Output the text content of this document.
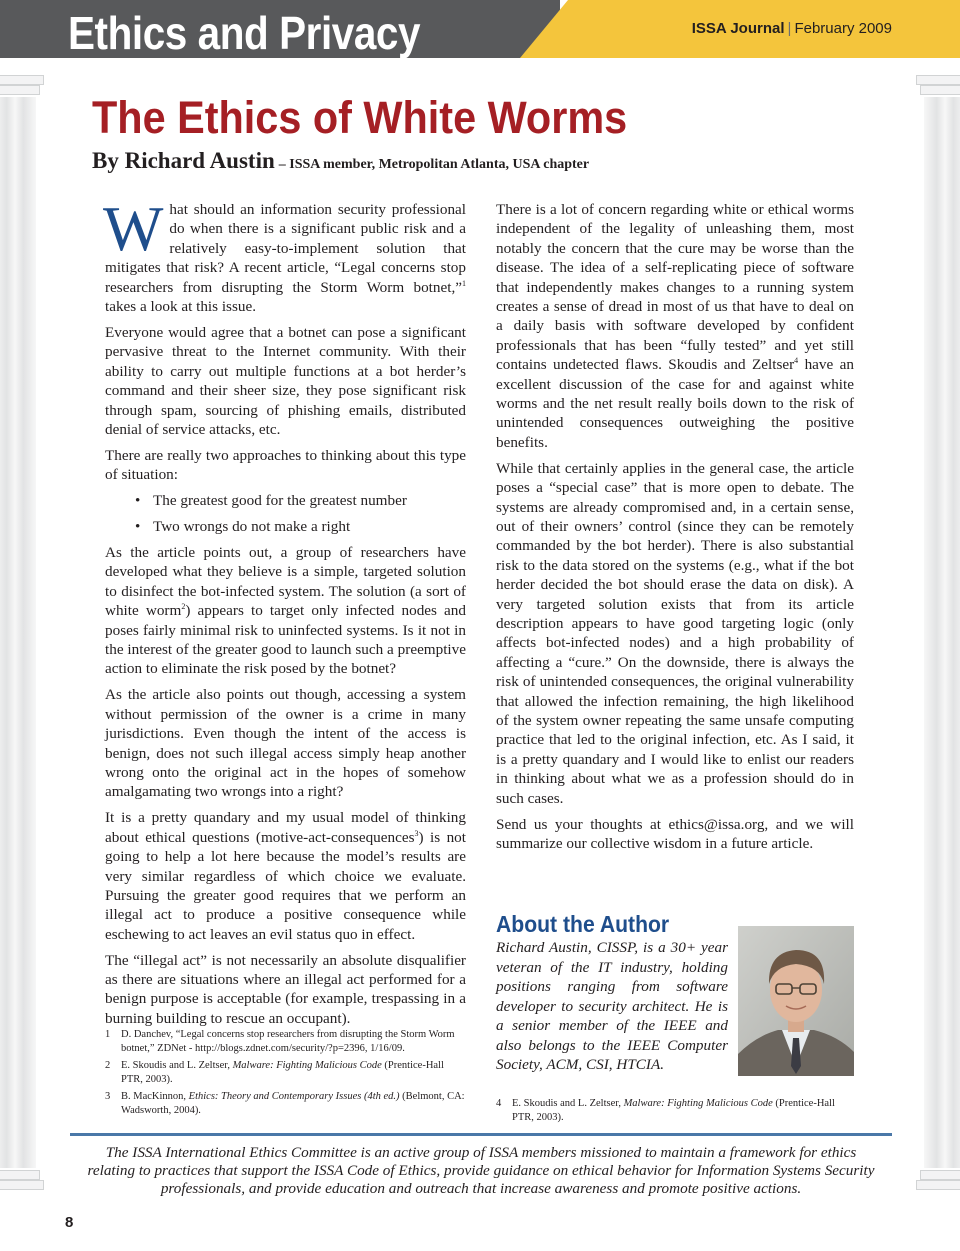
Ethics and Privacy	ISSA Journal | February 2009
The Ethics of White Worms
By Richard Austin – ISSA member, Metropolitan Atlanta, USA chapter

What should an information security professional do when there is a significant public risk and a relatively easy-to-implement solution that mitigates that risk? A recent article, “Legal concerns stop researchers from disrupting the Storm Worm botnet,”$^1$ takes a look at this issue.

Everyone would agree that a botnet can pose a significant pervasive threat to the Internet community. With their ability to carry out multiple functions at a bot herder’s command and their sheer size, they pose significant risk through spam, sourcing of phishing emails, distributed denial of service attacks, etc.

There are really two approaches to thinking about this type of situation:

• The greatest good for the greatest number
• Two wrongs do not make a right

As the article points out, a group of researchers have developed what they believe is a simple, targeted solution to disinfect the bot-infected system. The solution (a sort of white worm$^2$) appears to target only infected nodes and poses fairly minimal risk to uninfected systems. Is it not in the interest of the greater good to launch such a preemptive action to eliminate the risk posed by the botnet?

As the article also points out though, accessing a system without permission of the owner is a crime in many jurisdictions. Even though the intent of the access is benign, does not such illegal access simply heap another wrong onto the original act in the hopes of somehow amalgamating two wrongs into a right?

It is a pretty quandary and my usual model of thinking about ethical questions (motive-act-consequences$^3$) is not going to help a lot here because the model’s results are very similar regardless of which choice we evaluate. Pursuing the greater good requires that we perform an illegal act to produce a positive consequence while eschewing to act leaves an evil status quo in effect.

The “illegal act” is not necessarily an absolute disqualifier as there are situations where an illegal act performed for a benign purpose is acceptable (for example, trespassing in a burning building to rescue an occupant).

1	D. Danchev, “Legal concerns stop researchers from disrupting the Storm Worm botnet,” ZDNet - http://blogs.zdnet.com/security/?p=2396, 1/16/09.
2	E. Skoudis and L. Zeltser, Malware: Fighting Malicious Code (Prentice-Hall PTR, 2003).
3	B. MacKinnon, Ethics: Theory and Contemporary Issues (4th ed.) (Belmont, CA: Wadsworth, 2004).

There is a lot of concern regarding white or ethical worms independent of the legality of unleashing them, most notably the concern that the cure may be worse than the disease. The idea of a self-replicating piece of software that independently makes changes to a running system creates a sense of dread in most of us that have to deal on a daily basis with software developed by confident professionals that has been “fully tested” and yet still contains undetected flaws. Skoudis and Zeltser$^4$ have an excellent discussion of the case for and against white worms and the net result really boils down to the risk of unintended consequences outweighing the positive benefits.

While that certainly applies in the general case, the article poses a “special case” that is more open to debate. The systems are already compromised and, in a certain sense, out of their owners’ control (since they can be remotely commanded by the bot herder). There is also substantial risk to the data stored on the systems (e.g., what if the bot herder decided the bot should erase the data on disk). A very targeted solution exists that from its article description appears to have good targeting logic (only affects bot-infected nodes) and a high probability of affecting a “cure.” On the downside, there is always the risk of unintended consequences, the original vulnerability that allowed the infection remaining, the high likelihood of the system owner repeating the same unsafe computing practice that led to the original infection, etc. As I said, it is a pretty quandary and I would like to enlist our readers in thinking about what we as a profession should do in such cases.

Send us your thoughts at ethics@issa.org, and we will summarize our collective wisdom in a future article.

About the Author

Richard Austin, CISSP, is a 30+ year veteran of the IT industry, holding positions ranging from software developer to security architect. He is a senior member of the IEEE and also belongs to the IEEE Computer Society, ACM, CSI, HTCIA.

4	E. Skoudis and L. Zeltser, Malware: Fighting Malicious Code (Prentice-Hall PTR, 2003).

The ISSA International Ethics Committee is an active group of ISSA members missioned to maintain a framework for ethics relating to practices that support the ISSA Code of Ethics, provide guidance on ethical behavior for Information Systems Security professionals, and provide education and outreach that increase awareness and promote positive actions.

8
